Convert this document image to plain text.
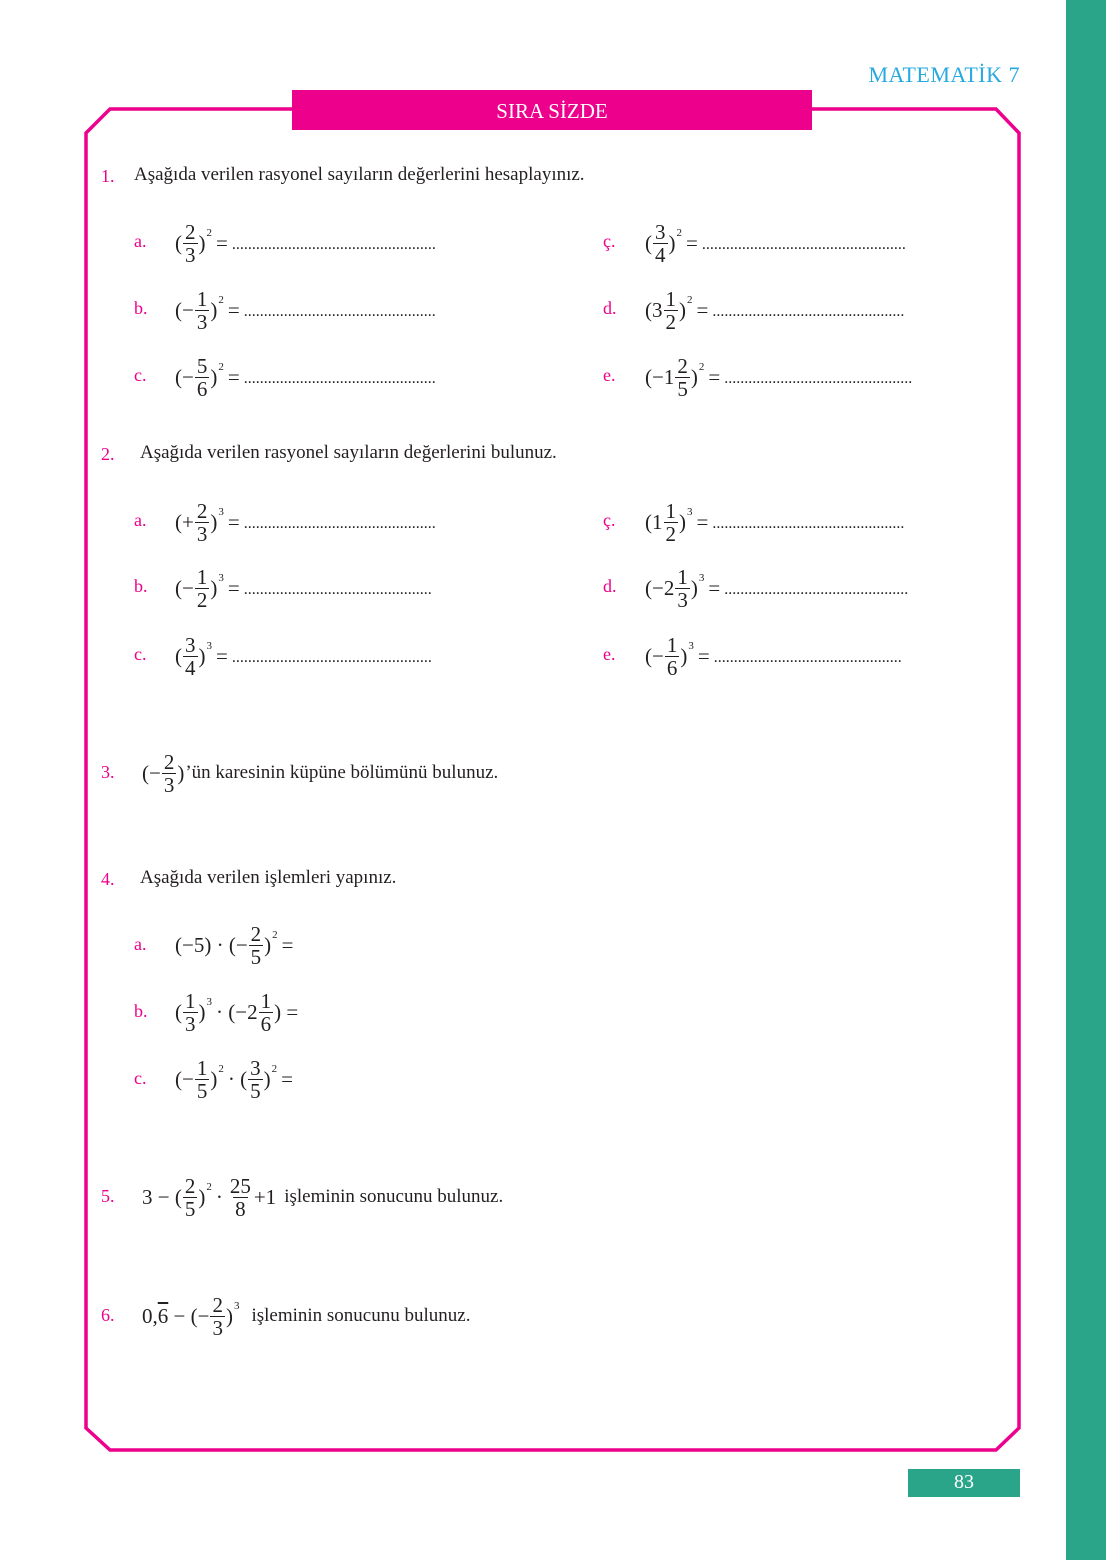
MATEMATİK 7
SIRA SİZDE
1. Aşağıda verilen rasyonel sayıların değerlerini hesaplayınız.
a. ( $\frac{2}{3}$ ) 2 = ...................................................
b. (− $\frac{1}{3}$ ) 2 = ................................................
c. (− $\frac{5}{6}$ ) 2 = ................................................
ç. ( $\frac{3}{4}$ ) 2 = ...................................................
d. ($3 \frac{1}{2}$ ) 2 = ................................................
e. ($-1 \frac{2}{5}$ ) 2 = ...............................................
2. Aşağıda verilen rasyonel sayıların değerlerini bulunuz.
a. (+ $\frac{2}{3}$ ) 3 = ................................................
b. (− $\frac{1}{2}$ ) 3 = ...............................................
c. ( $\frac{3}{4}$ ) 3 = ..................................................
ç. ($1 \frac{1}{2}$ ) 3 = ................................................
d. ($-2 \frac{1}{3}$ ) 3 = ..............................................
e. (− $\frac{1}{6}$ ) 3 = ...............................................
3. (− $\frac{2}{3}$ ) ’ün karesinin küpüne bölümünü bulunuz.
4. Aşağıda verilen işlemleri yapınız.
a. (−5) · (− $\frac{2}{5}$ ) 2 =
b. ( $\frac{1}{3}$ ) $3 \cdot (-2 \frac{1}{6}$ ) =
c. (− $\frac{1}{5}$ ) 2 · ( $\frac{3}{5}$ ) 2 =
5. 3 − ( $\frac{2}{5}$ ) $2 \cdot \frac{25}{8} +1$ işleminin sonucunu bulunuz.
6. 0, 6 − (− $\frac{2}{3}$ ) 3 işleminin sonucunu bulunuz.
83
